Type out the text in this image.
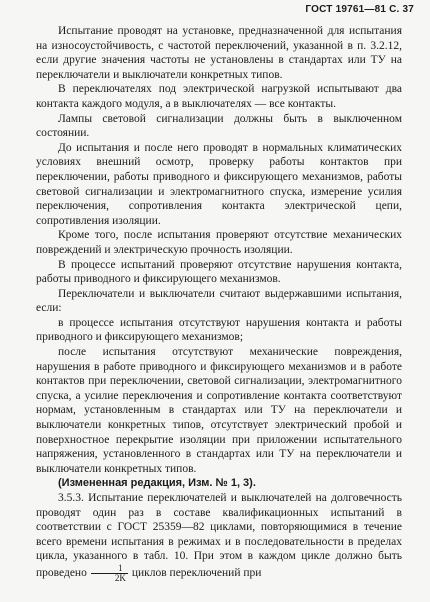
ГОСТ 19761—81 С. 37

Испытание проводят на установке, предназначенной для испытания на износоустойчивость, с частотой переключений, указанной в п. 3.2.12, если другие значения частоты не установлены в стандартах или ТУ на переключатели и выключатели конкретных типов.

В переключателях под электрической нагрузкой испытывают два контакта каждого модуля, а в выключателях — все контакты.

Лампы световой сигнализации должны быть в выключенном состоянии.

До испытания и после него проводят в нормальных климатических условиях внешний осмотр, проверку работы контактов при переключении, работы приводного и фиксирующего механизмов, работы световой сигнализации и электромагнитного спуска, измерение усилия переключения, сопротивления контакта электрической цепи, сопротивления изоляции.

Кроме того, после испытания проверяют отсутствие механических повреждений и электрическую прочность изоляции.

В процессе испытаний проверяют отсутствие нарушения контакта, работы приводного и фиксирующего механизмов.

Переключатели и выключатели считают выдержавшими испытания, если:

в процессе испытания отсутствуют нарушения контакта и работы приводного и фиксирующего механизмов;

после испытания отсутствуют механические повреждения, нарушения в работе приводного и фиксирующего механизмов и в работе контактов при переключении, световой сигнализации, электромагнитного спуска, а усилие переключения и сопротивление контакта соответствуют нормам, установленным в стандартах или ТУ на переключатели и выключатели конкретных типов, отсутствует электрический пробой и поверхностное перекрытие изоляции при приложении испытательного напряжения, установленного в стандартах или ТУ на переключатели и выключатели конкретных типов.

(Измененная редакция, Изм. № 1, 3).

3.5.3. Испытание переключателей и выключателей на долговечность проводят один раз в составе квалификационных испытаний в соответствии с ГОСТ 25359—82 циклами, повторяющимися в течение всего времени испытания в режимах и в последовательности в пределах цикла, указанного в табл. 10. При этом в каждом цикле должно быть проведено $\frac{1}{2K}$ циклов переключений при
